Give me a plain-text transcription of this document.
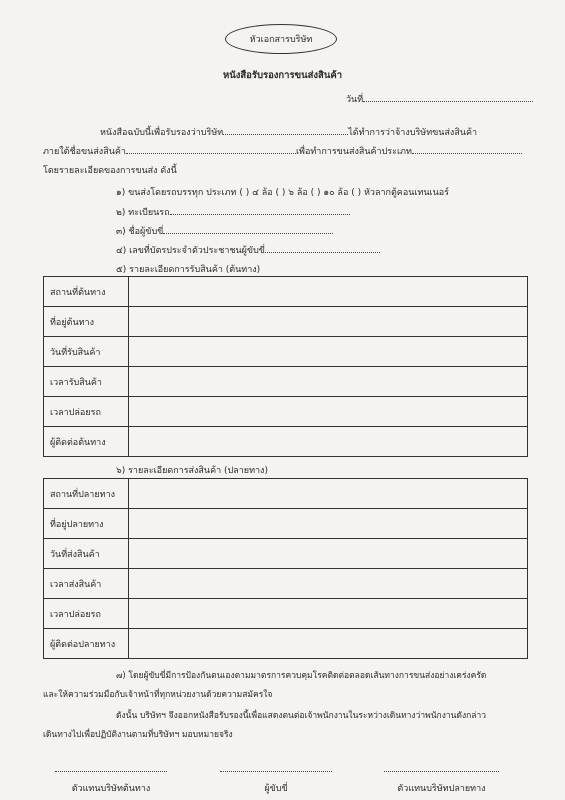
หัวเอกสารบริษัท
หนังสือรับรองการขนส่งสินค้า
วันที่
หนังสือฉบับนี้เพื่อรับรองว่าบริษัท	ได้ทำการว่าจ้างบริษัทขนส่งสินค้า
ภายใต้ชื่อขนส่งสินค้า	เพื่อทำการขนส่งสินค้าประเภท
โดยรายละเอียดของการขนส่ง ดังนี้
๑) ขนส่งโดยรถบรรทุก ประเภท ( ) ๔ ล้อ ( ) ๖ ล้อ ( ) ๑๐ ล้อ ( ) หัวลากตู้คอนเทนเนอร์
๒) ทะเบียนรถ
๓) ชื่อผู้ขับขี่
๔) เลขที่บัตรประจำตัวประชาชนผู้ขับขี่
๕) รายละเอียดการรับสินค้า (ต้นทาง)
สถานที่ต้นทาง	
ที่อยู่ต้นทาง	
วันที่รับสินค้า	
เวลารับสินค้า	
เวลาปล่อยรถ	
ผู้ติดต่อต้นทาง	
๖) รายละเอียดการส่งสินค้า (ปลายทาง)
สถานที่ปลายทาง	
ที่อยู่ปลายทาง	
วันที่ส่งสินค้า	
เวลาส่งสินค้า	
เวลาปล่อยรถ	
ผู้ติดต่อปลายทาง	
๗) โดยผู้ขับขี่มีการป้องกันตนเองตามมาตรการควบคุมโรคติดต่อตลอดเส้นทางการขนส่งอย่างเคร่งครัด
และให้ความร่วมมือกับเจ้าหน้าที่ทุกหน่วยงานด้วยความสมัครใจ
ดังนั้น บริษัทฯ จึงออกหนังสือรับรองนี้เพื่อแสดงตนต่อเจ้าพนักงานในระหว่างเดินทางว่าพนักงานดังกล่าว
เดินทางไปเพื่อปฏิบัติงานตามที่บริษัทฯ มอบหมายจริง
ตัวแทนบริษัทต้นทาง	ผู้ขับขี่	ตัวแทนบริษัทปลายทาง
